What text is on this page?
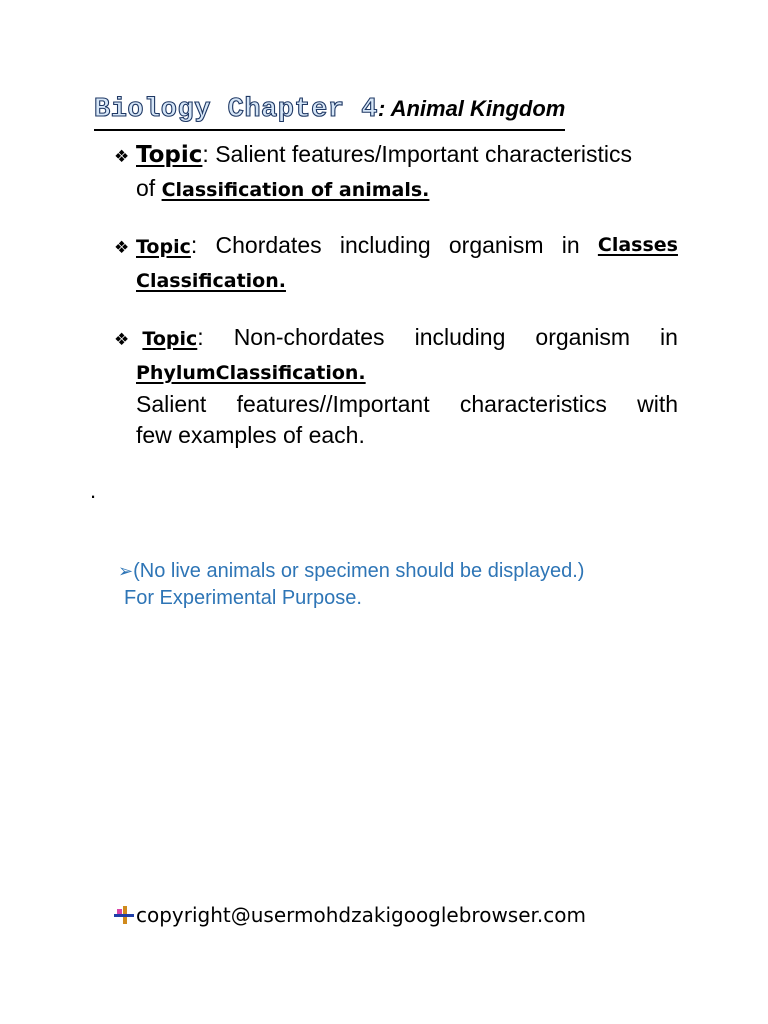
Biology Chapter 4: Animal Kingdom
❖ Topic : Salient features/Important characteristics
of Classification of animals.
❖ Topic: Chordates including organism in Classes
Classification.
❖ Topic: Non-chordates including organism in
PhylumClassification.
Salient features//Important characteristics with
few examples of each.
.
➢(No live animals or specimen should be displayed.)
For Experimental Purpose.
copyright@usermohdzakigooglebrowser.com
